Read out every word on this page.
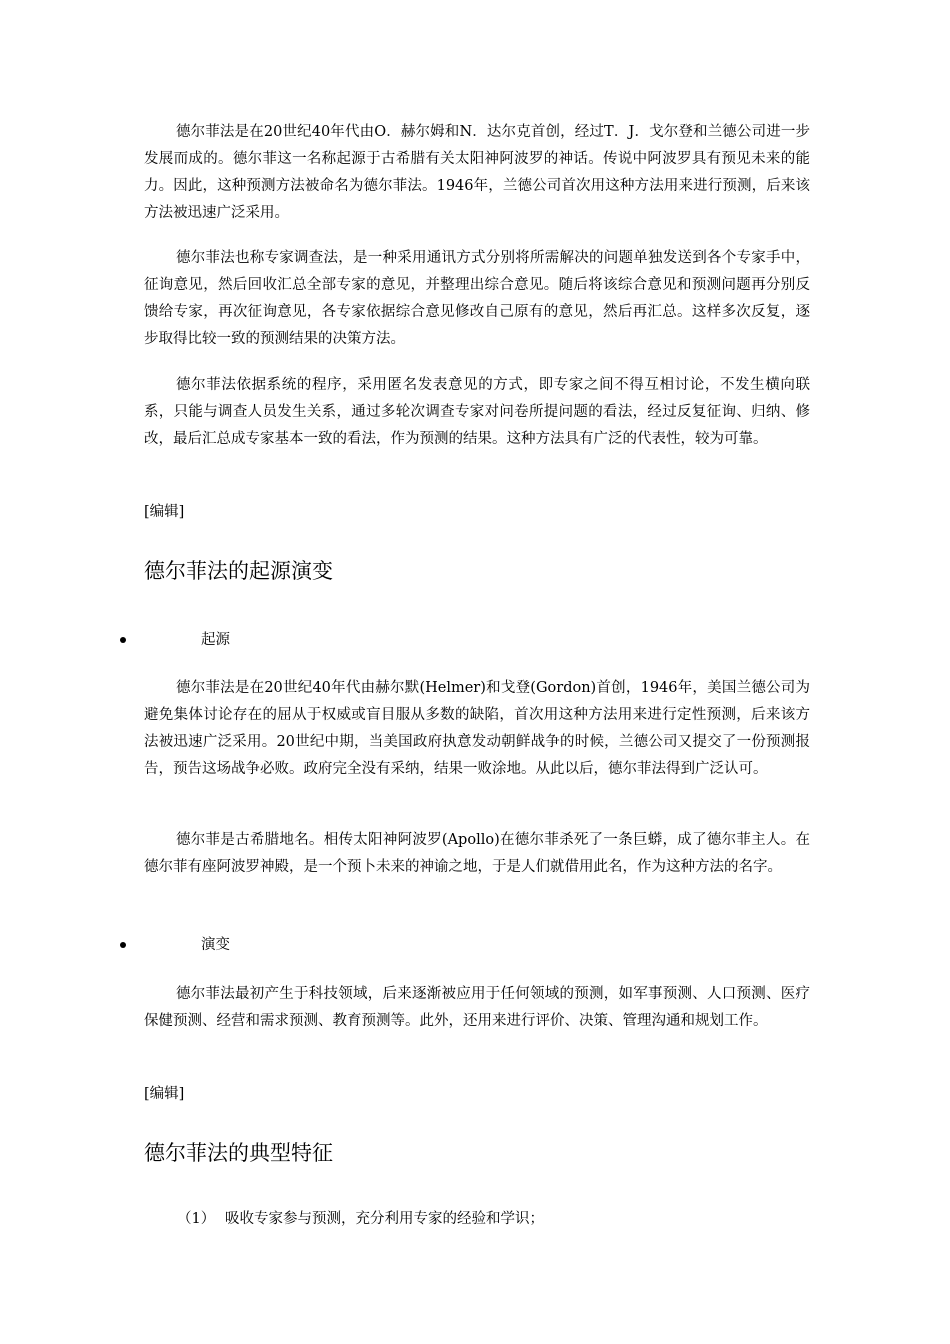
德尔菲法是在20世纪40年代由O．赫尔姆和N．达尔克首创，经过T．J．戈尔登和兰德公司进一步发展而成的。德尔菲这一名称起源于古希腊有关太阳神阿波罗的神话。传说中阿波罗具有预见未来的能力。因此，这种预测方法被命名为德尔菲法。1946年，兰德公司首次用这种方法用来进行预测，后来该方法被迅速广泛采用。

德尔菲法也称专家调查法，是一种采用通讯方式分别将所需解决的问题单独发送到各个专家手中，征询意见，然后回收汇总全部专家的意见，并整理出综合意见。随后将该综合意见和预测问题再分别反馈给专家，再次征询意见，各专家依据综合意见修改自己原有的意见，然后再汇总。这样多次反复，逐步取得比较一致的预测结果的决策方法。

德尔菲法依据系统的程序，采用匿名发表意见的方式，即专家之间不得互相讨论，不发生横向联系，只能与调查人员发生关系，通过多轮次调查专家对问卷所提问题的看法，经过反复征询、归纳、修改，最后汇总成专家基本一致的看法，作为预测的结果。这种方法具有广泛的代表性，较为可靠。

[编辑]

德尔菲法的起源演变
起源

德尔菲法是在20世纪40年代由赫尔默(Helmer)和戈登(Gordon)首创，1946年，美国兰德公司为避免集体讨论存在的屈从于权威或盲目服从多数的缺陷，首次用这种方法用来进行定性预测，后来该方法被迅速广泛采用。20世纪中期，当美国政府执意发动朝鲜战争的时候，兰德公司又提交了一份预测报告，预告这场战争必败。政府完全没有采纳，结果一败涂地。从此以后，德尔菲法得到广泛认可。

德尔菲是古希腊地名。相传太阳神阿波罗(Apollo)在德尔菲杀死了一条巨蟒，成了德尔菲主人。在德尔菲有座阿波罗神殿，是一个预卜未来的神谕之地，于是人们就借用此名，作为这种方法的名字。

演变

德尔菲法最初产生于科技领域，后来逐渐被应用于任何领域的预测，如军事预测、人口预测、医疗保健预测、经营和需求预测、教育预测等。此外，还用来进行评价、决策、管理沟通和规划工作。

[编辑]

德尔菲法的典型特征

（1） 吸收专家参与预测，充分利用专家的经验和学识；
